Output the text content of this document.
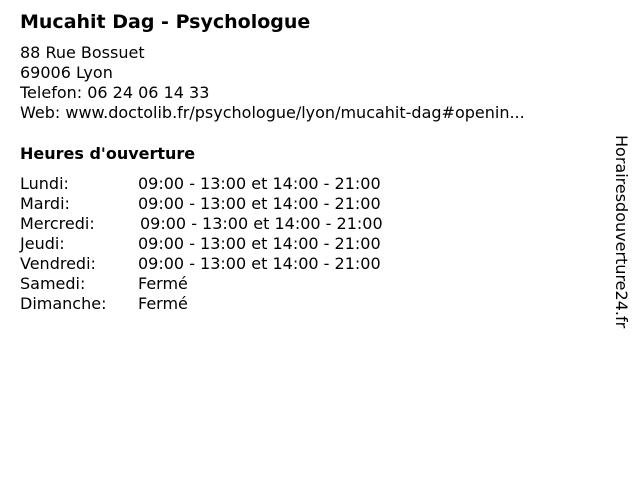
Mucahit Dag - Psychologue
88 Rue Bossuet
69006 Lyon
Telefon: 06 24 06 14 33
Web: www.doctolib.fr/psychologue/lyon/mucahit-dag#openin...
Heures d'ouverture
Lundi:	09:00 - 13:00 et 14:00 - 21:00
Mardi:	09:00 - 13:00 et 14:00 - 21:00
Mercredi:	09:00 - 13:00 et 14:00 - 21:00
Jeudi:	09:00 - 13:00 et 14:00 - 21:00
Vendredi:	09:00 - 13:00 et 14:00 - 21:00
Samedi:	Fermé
Dimanche:	Fermé	Horairesdouverture24.fr
